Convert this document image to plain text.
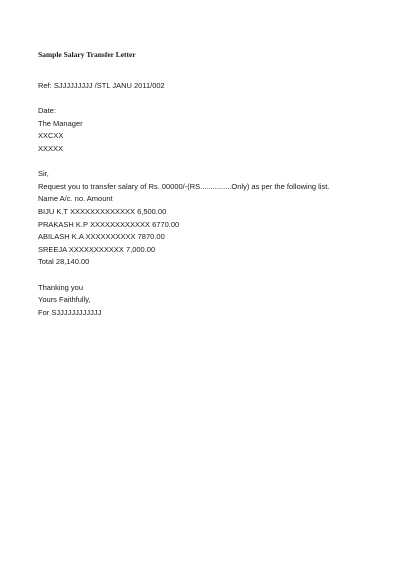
Sample Salary Transfer Letter
Ref: SJJJJJJJJJ /STL JANU 2011/002
Date:
The Manager
XXCXX
XXXXX
Sir,
Request you to transfer salary of Rs. 00000/-(RS...............Only) as per the following list.
Name A/c. no. Amount
BIJU K.T XXXXXXXXXXXXX 6,500.00
PRAKASH K.P XXXXXXXXXXXX 6770.00
ABILASH K.A XXXXXXXXXX 7870.00
SREEJA XXXXXXXXXXX 7,000.00
Total 28,140.00
Thanking you
Yours Faithfully,
For SJJJJJJJJJJJJ
